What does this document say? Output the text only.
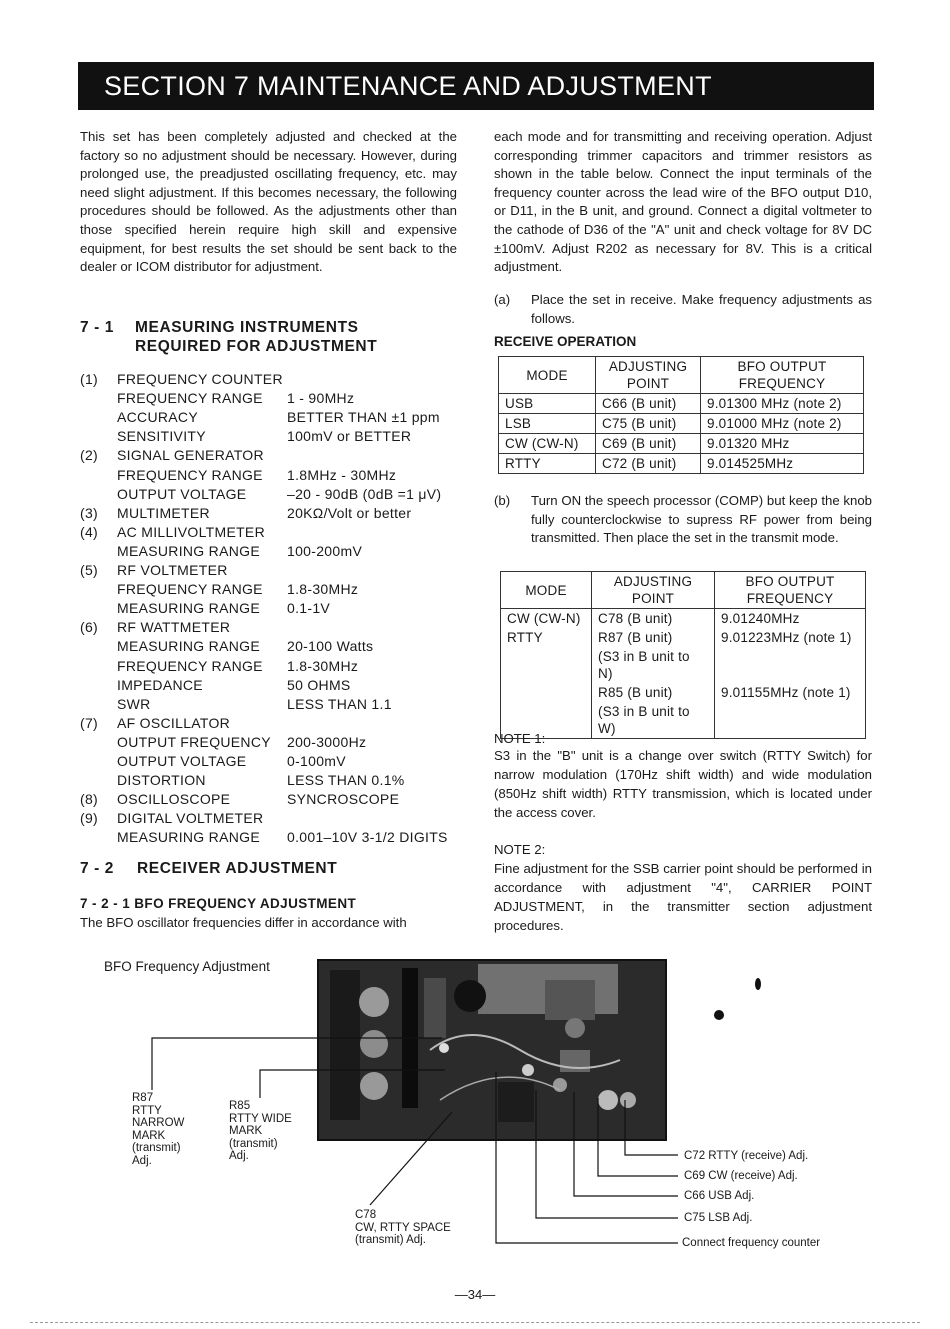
SECTION 7 MAINTENANCE AND ADJUSTMENT

This set has been completely adjusted and checked at the factory so no adjustment should be necessary. However, during prolonged use, the preadjusted oscillating frequency, etc. may need slight adjustment. If this becomes necessary, the following procedures should be followed. As the adjustments other than those specified herein require high skill and expensive equipment, for best results the set should be sent back to the dealer or ICOM distributor for adjustment.

7 - 1 MEASURING INSTRUMENTS
REQUIRED FOR ADJUSTMENT
(1) FREQUENCY COUNTER
FREQUENCY RANGE 1 - 90MHz
ACCURACY	BETTER THAN ±1 ppm
SENSITIVITY	100mV or BETTER
(2) SIGNAL GENERATOR
FREQUENCY RANGE 1.8MHz - 30MHz
OUTPUT VOLTAGE	–20 - 90dB (0dB =1 μV)
(3) MULTIMETER	20KΩ/Volt or better
(4) AC MILLIVOLTMETER
MEASURING RANGE 100-200mV
(5) RF VOLTMETER
FREQUENCY RANGE 1.8-30MHz
MEASURING RANGE 0.1-1V
(6) RF WATTMETER
MEASURING RANGE 20-100 Watts
FREQUENCY RANGE 1.8-30MHz
IMPEDANCE	50 OHMS
SWR	LESS THAN 1.1
(7) AF OSCILLATOR
OUTPUT FREQUENCY 200-3000Hz
OUTPUT VOLTAGE	0-100mV
DISTORTION	LESS THAN 0.1%
(8) OSCILLOSCOPE	SYNCROSCOPE
(9) DIGITAL VOLTMETER
MEASURING RANGE 0.001–10V 3-1/2 DIGITS
7 - 2 RECEIVER ADJUSTMENT
7 - 2 - 1 BFO FREQUENCY ADJUSTMENT

The BFO oscillator frequencies differ in accordance with

each mode and for transmitting and receiving operation. Adjust corresponding trimmer capacitors and trimmer resistors as shown in the table below. Connect the input terminals of the frequency counter across the lead wire of the BFO output D10, or D11, in the B unit, and ground. Connect a digital voltmeter to the cathode of D36 of the "A" unit and check voltage for 8V DC ±100mV. Adjust R202 as necessary for 8V. This is a critical adjustment.

(a) Place the set in receive. Make frequency adjustments as follows.

RECEIVE OPERATION
MODE	ADJUSTING POINT	BFO OUTPUT FREQUENCY
USB	C66 (B unit)	9.01300 MHz (note 2)
LSB	C75 (B unit)	9.01000 MHz (note 2)
CW (CW-N)	C69 (B unit)	9.01320 MHz
RTTY	C72 (B unit)	9.014525MHz
(b) Turn ON the speech processor (COMP) but keep the knob fully counterclockwise to supress RF power from being transmitted. Then place the set in the transmit mode.

MODE	ADJUSTING POINT	BFO OUTPUT FREQUENCY
CW (CW-N)	C78 (B unit)	9.01240MHz
RTTY	R87 (B unit)	9.01223MHz (note 1)
	(S3 in B unit to N)	
	R85 (B unit)	9.01155MHz (note 1)
	(S3 in B unit to W)	
NOTE 1:

S3 in the "B" unit is a change over switch (RTTY Switch) for narrow modulation (170Hz shift width) and wide modulation (850Hz shift width) RTTY transmission, which is located under the access cover.

NOTE 2:

Fine adjustment for the SSB carrier point should be performed in accordance with adjustment "4", CARRIER POINT ADJUSTMENT, in the transmitter section adjustment procedures.

BFO Frequency Adjustment
R87
RTTY
NARROW
MARK
(transmit)
Adj.
R85
RTTY WIDE
MARK
(transmit)
Adj.
C78
CW, RTTY SPACE
(transmit) Adj.
C72 RTTY (receive) Adj.
C69 CW (receive) Adj.
C66 USB Adj.
C75 LSB Adj.
Connect frequency counter
—34—
